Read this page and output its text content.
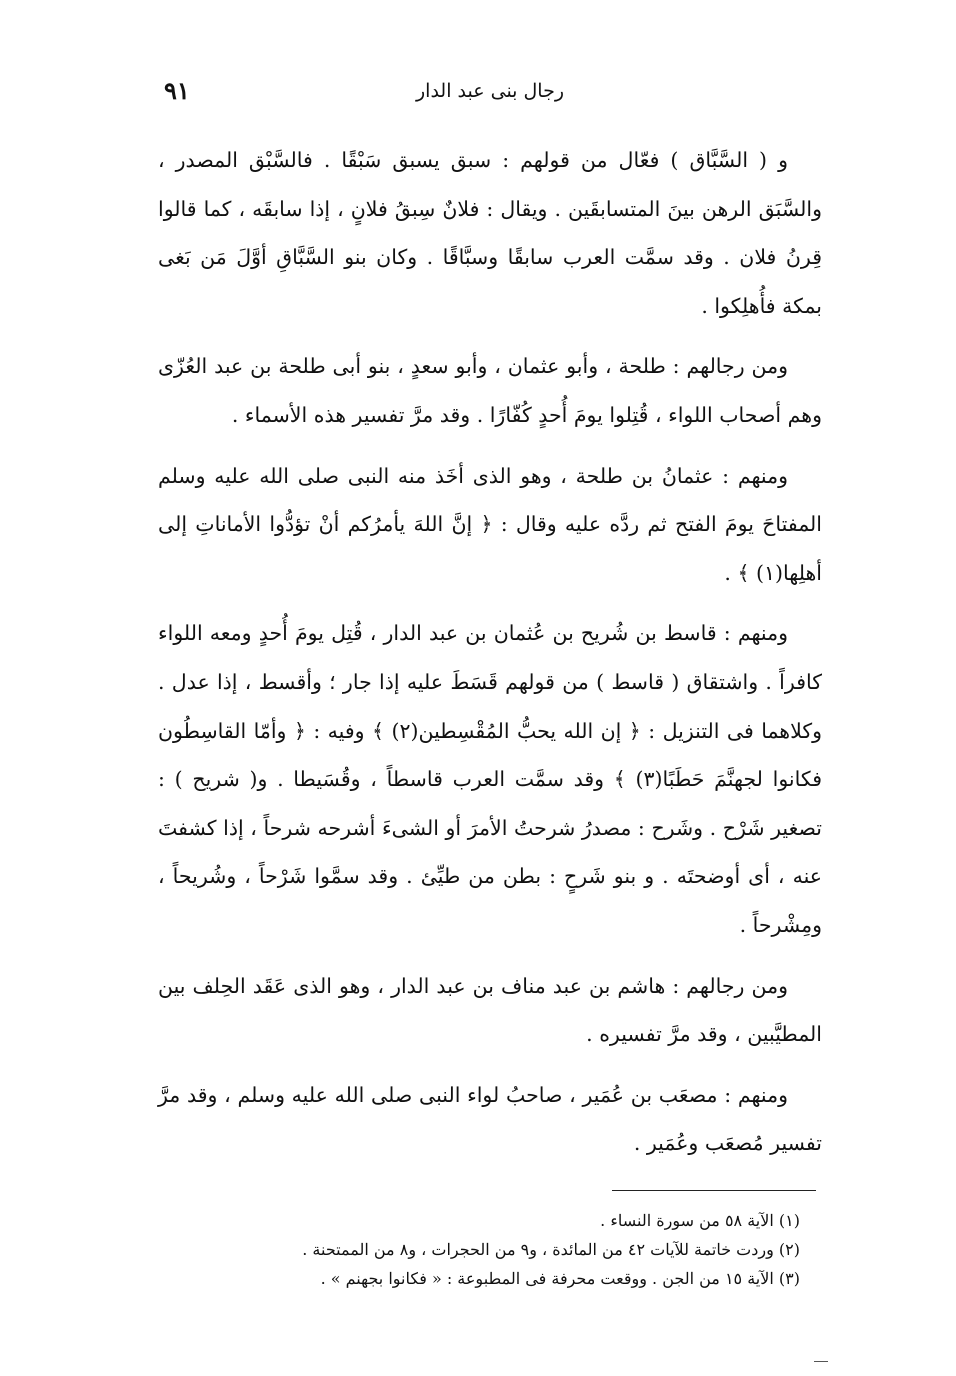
٩١	رجال بنى عبد الدار

و ( السَّبَّاق ) فعّال من قولهم : سبق يسبق سَبْقًا . فالسَّبْق المصدر ، والسَّبَق الرهن بينَ المتسابقَين . ويقال : فلانٌ سِبقُ فلانٍ ، إذا سابقَه ، كما قالوا قِرنُ فلان . وقد سمَّت العرب سابقًا وسبَّاقًا . وكان بنو السَّبَّاقِ أوَّلَ مَن بَغى بمكة فأُهلِكوا .

ومن رجالهم : طلحة ، وأبو عثمان ، وأبو سعدٍ ، بنو أبى طلحة بن عبد العُزّى وهم أصحاب اللواء ، قُتِلوا يومَ أُحدٍ كُفّارًا . وقد مرَّ تفسير هذه الأسماء .

ومنهم : عثمانُ بن طلحة ، وهو الذى أخَذ منه النبى صلى الله عليه وسلم المفتاحَ يومَ الفتح ثم ردَّه عليه وقال : ﴿ إنَّ اللهَ يأمرُكم أنْ تؤدُّوا الأماناتِ إلى أهلِها(١) ﴾ .

ومنهم : قاسط بن شُريح بن عُثمان بن عبد الدار ، قُتِل يومَ أُحدٍ ومعه اللواء كافراً . واشتقاق ( قاسط ) من قولهم قَسَطَ عليه إذا جار ؛ وأقسط ، إذا عدل . وكلاهما فى التنزيل : ﴿ إن الله يحبُّ المُقْسِطين(٢) ﴾ وفيه : ﴿ وأمّا القاسِطُون فكانوا لجهنَّمَ حَطَبًا(٣) ﴾ وقد سمَّت العرب قاسطاً ، وقُسَيطا . و( شريح ) : تصغير شَرْح . وشَرح : مصدرُ شرحتُ الأمرَ أو الشىءَ أشرحه شرحاً ، إذا كشفتَ عنه ، أى أوضحتَه . و بنو شَرحٍ : بطن من طيِّئ . وقد سمَّوا شَرْحاً ، وشُريحاً ، ومِشْرحاً .

ومن رجالهم : هاشم بن عبد مناف بن عبد الدار ، وهو الذى عَقَد الحِلف بين المطيَّبين ، وقد مرَّ تفسيره .

ومنهم : مصعَب بن عُمَير ، صاحبُ لواء النبى صلى الله عليه وسلم ، وقد مرَّ تفسير مُصعَب وعُمَير .

(١) الآية ٥٨ من سورة النساء .
(٢) وردت خاتمة للآيات ٤٢ من المائدة ، و٩ من الحجرات ، و٨ من الممتحنة .
(٣) الآية ١٥ من الجن . ووقعت محرفة فى المطبوعة : « فكانوا بجهنم » .
